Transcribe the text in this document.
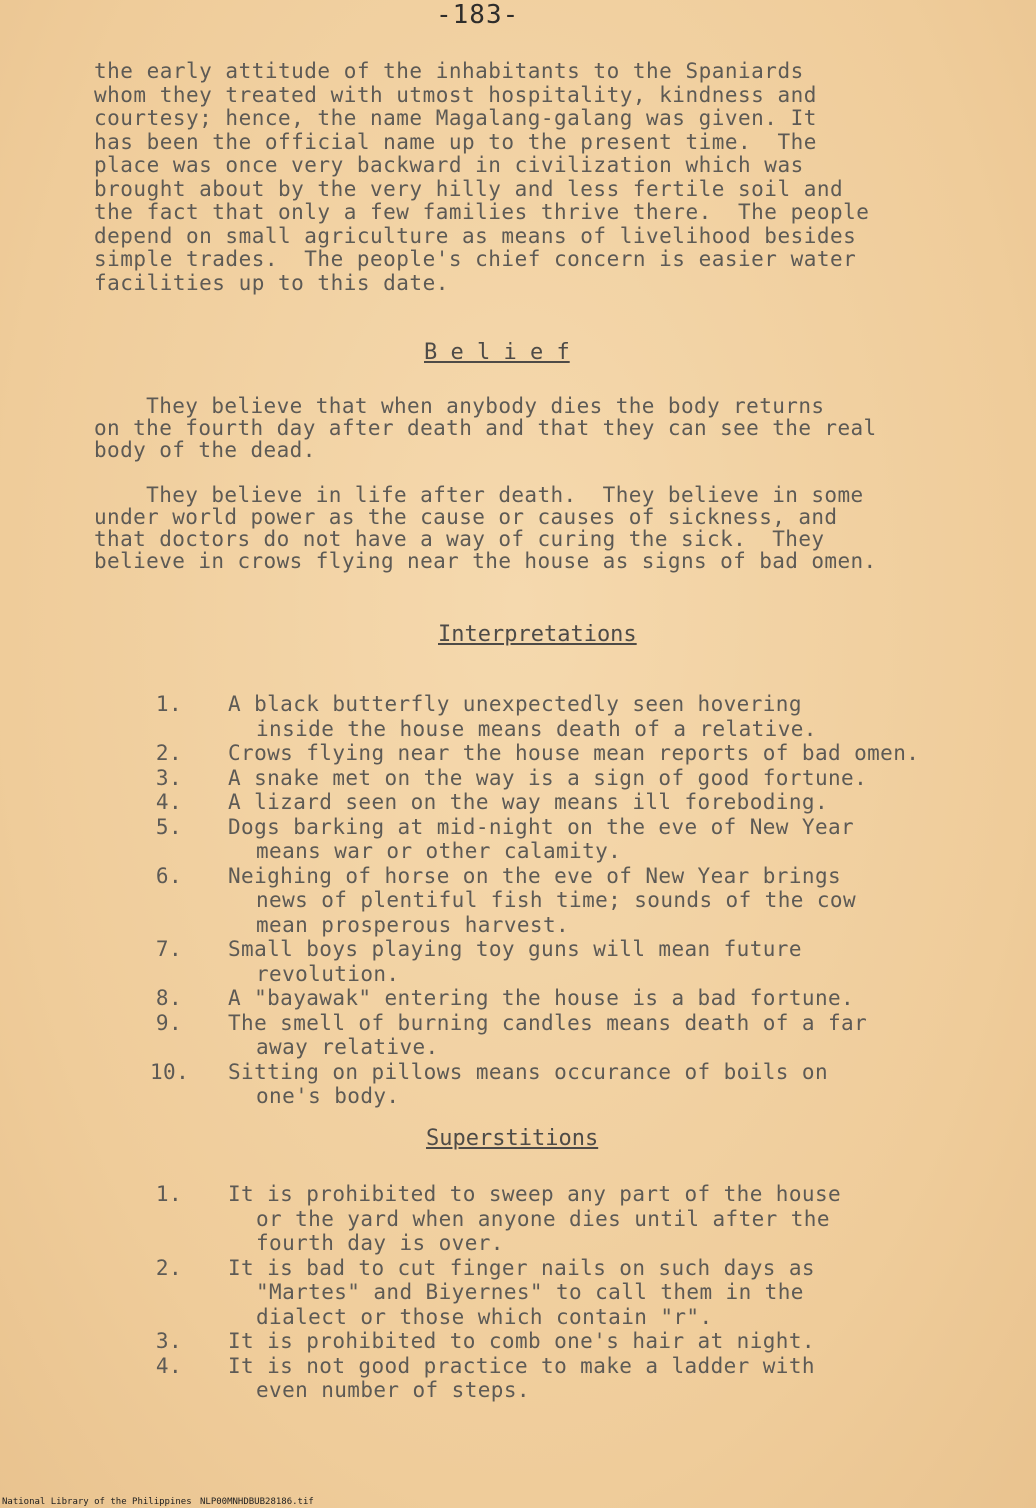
-183-
the early attitude of the inhabitants to the Spaniards
whom they treated with utmost hospitality, kindness and
courtesy; hence, the name Magalang-galang was given. It
has been the official name up to the present time.  The
place was once very backward in civilization which was
brought about by the very hilly and less fertile soil and
the fact that only a few families thrive there.  The people
depend on small agriculture as means of livelihood besides
simple trades.  The people's chief concern is easier water
facilities up to this date.
B e l i e f
They believe that when anybody dies the body returns
on the fourth day after death and that they can see the real
body of the dead.
They believe in life after death.  They believe in some
under world power as the cause or causes of sickness, and
that doctors do not have a way of curing the sick.  They
believe in crows flying near the house as signs of bad omen.
Interpretations
1. A black butterfly unexpectedly seen hovering
inside the house means death of a relative.
2. Crows flying near the house mean reports of bad omen.
3. A snake met on the way is a sign of good fortune.
4. A lizard seen on the way means ill foreboding.
5. Dogs barking at mid-night on the eve of New Year
means war or other calamity.
6. Neighing of horse on the eve of New Year brings
news of plentiful fish time; sounds of the cow
mean prosperous harvest.
7. Small boys playing toy guns will mean future
revolution.
8. A "bayawak" entering the house is a bad fortune.
9. The smell of burning candles means death of a far
away relative.
10. Sitting on pillows means occurance of boils on
one's body.
Superstitions
1. It is prohibited to sweep any part of the house
or the yard when anyone dies until after the
fourth day is over.
2. It is bad to cut finger nails on such days as
"Martes" and Biyernes" to call them in the
dialect or those which contain "r".
3. It is prohibited to comb one's hair at night.
4. It is not good practice to make a ladder with
even number of steps.
National Library of the Philippines NLP00MNHDBUB28186.tif
